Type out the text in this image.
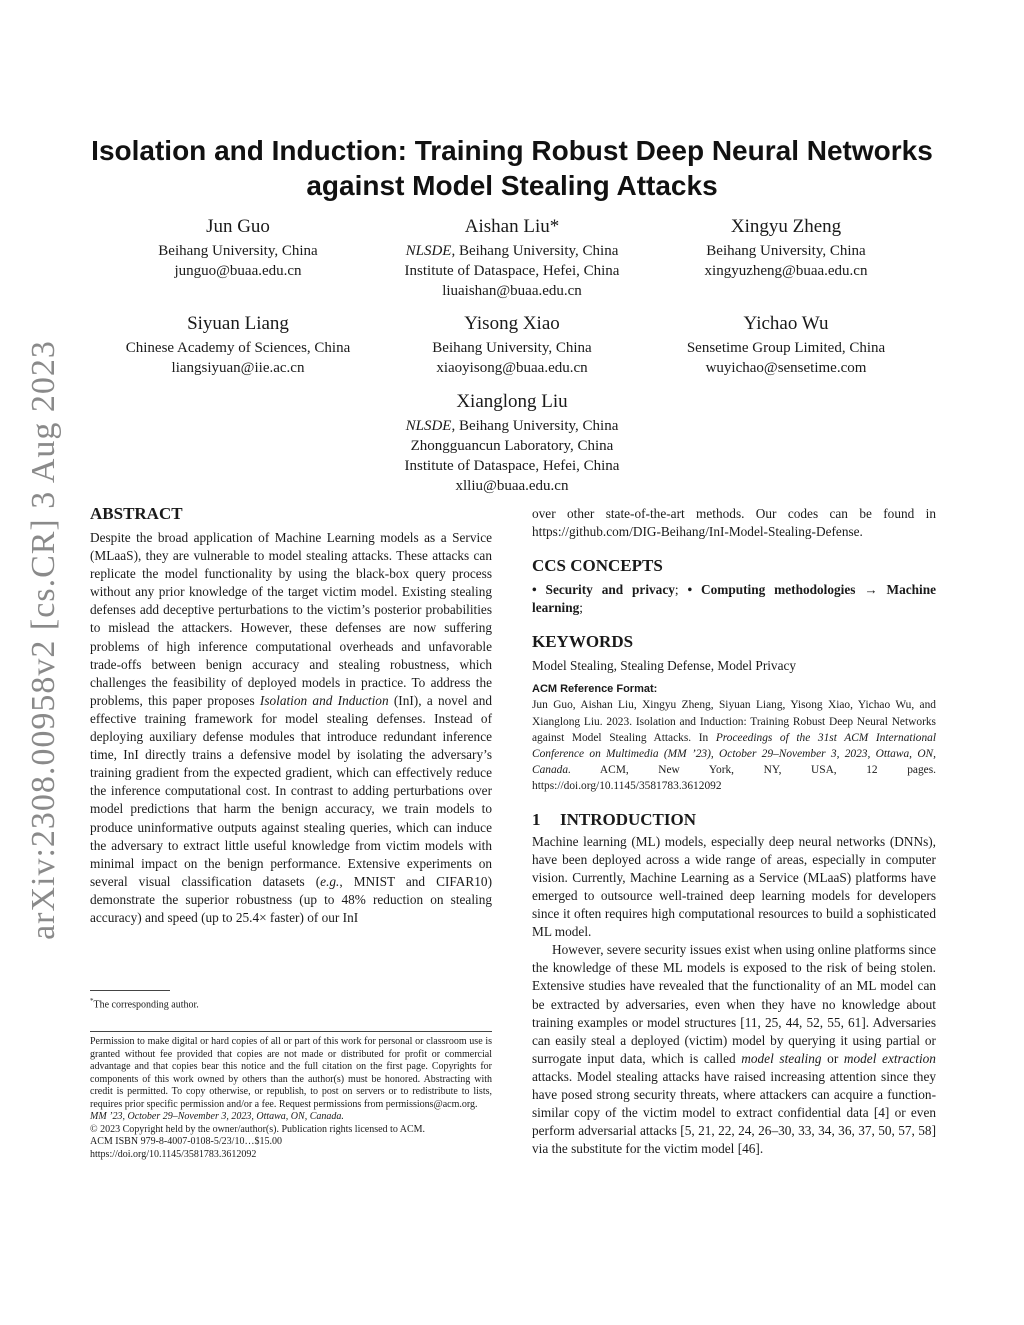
arXiv:2308.00958v2 [cs.CR] 3 Aug 2023
Isolation and Induction: Training Robust Deep Neural Networks
against Model Stealing Attacks
Jun Guo
Beihang University, China
junguo@buaa.edu.cn
Aishan Liu*
NLSDE, Beihang University, China
Institute of Dataspace, Hefei, China
liuaishan@buaa.edu.cn
Xingyu Zheng
Beihang University, China
xingyuzheng@buaa.edu.cn
Siyuan Liang
Chinese Academy of Sciences, China
liangsiyuan@iie.ac.cn
Yisong Xiao
Beihang University, China
xiaoyisong@buaa.edu.cn
Yichao Wu
Sensetime Group Limited, China
wuyichao@sensetime.com
Xianglong Liu
NLSDE, Beihang University, China
Zhongguancun Laboratory, China
Institute of Dataspace, Hefei, China
xlliu@buaa.edu.cn
ABSTRACT

Despite the broad application of Machine Learning models as a Service (MLaaS), they are vulnerable to model stealing attacks. These attacks can replicate the model functionality by using the black-box query process without any prior knowledge of the target victim model. Existing stealing defenses add deceptive perturbations to the victim’s posterior probabilities to mislead the attackers. However, these defenses are now suffering problems of high inference computational overheads and unfavorable trade-offs between benign accuracy and stealing robustness, which challenges the feasibility of deployed models in practice. To address the problems, this paper proposes Isolation and Induction (InI), a novel and effective training framework for model stealing defenses. Instead of deploying auxiliary defense modules that introduce redundant inference time, InI directly trains a defensive model by isolating the adversary’s training gradient from the expected gradient, which can effectively reduce the inference computational cost. In contrast to adding perturbations over model predictions that harm the benign accuracy, we train models to produce uninformative outputs against stealing queries, which can induce the adversary to extract little useful knowledge from victim models with minimal impact on the benign performance. Extensive experiments on several visual classification datasets (e.g., MNIST and CIFAR10) demonstrate the superior robustness (up to 48% reduction on stealing accuracy) and speed (up to 25.4× faster) of our InI

*The corresponding author.

Permission to make digital or hard copies of all or part of this work for personal or classroom use is granted without fee provided that copies are not made or distributed for profit or commercial advantage and that copies bear this notice and the full citation on the first page. Copyrights for components of this work owned by others than the author(s) must be honored. Abstracting with credit is permitted. To copy otherwise, or republish, to post on servers or to redistribute to lists, requires prior specific permission and/or a fee. Request permissions from permissions@acm.org.

MM ’23, October 29–November 3, 2023, Ottawa, ON, Canada.

© 2023 Copyright held by the owner/author(s). Publication rights licensed to ACM.

ACM ISBN 979-8-4007-0108-5/23/10…$15.00

https://doi.org/10.1145/3581783.3612092

over other state-of-the-art methods. Our codes can be found in https://github.com/DIG-Beihang/InI-Model-Stealing-Defense.

CCS CONCEPTS

• Security and privacy; • Computing methodologies → Machine learning;

KEYWORDS

Model Stealing, Stealing Defense, Model Privacy

ACM Reference Format:

Jun Guo, Aishan Liu, Xingyu Zheng, Siyuan Liang, Yisong Xiao, Yichao Wu, and Xianglong Liu. 2023. Isolation and Induction: Training Robust Deep Neural Networks against Model Stealing Attacks. In Proceedings of the 31st ACM International Conference on Multimedia (MM ’23), October 29–November 3, 2023, Ottawa, ON, Canada. ACM, New York, NY, USA, 12 pages. https://doi.org/10.1145/3581783.3612092

1 INTRODUCTION

Machine learning (ML) models, especially deep neural networks (DNNs), have been deployed across a wide range of areas, especially in computer vision. Currently, Machine Learning as a Service (MLaaS) platforms have emerged to outsource well-trained deep learning models for developers since it often requires high computational resources to build a sophisticated ML model.

However, severe security issues exist when using online platforms since the knowledge of these ML models is exposed to the risk of being stolen. Extensive studies have revealed that the functionality of an ML model can be extracted by adversaries, even when they have no knowledge about training examples or model structures [11, 25, 44, 52, 55, 61]. Adversaries can easily steal a deployed (victim) model by querying it using partial or surrogate input data, which is called model stealing or model extraction attacks. Model stealing attacks have raised increasing attention since they have posed strong security threats, where attackers can acquire a function-similar copy of the victim model to extract confidential data [4] or even perform adversarial attacks [5, 21, 22, 24, 26–30, 33, 34, 36, 37, 50, 57, 58] via the substitute for the victim model [46].
